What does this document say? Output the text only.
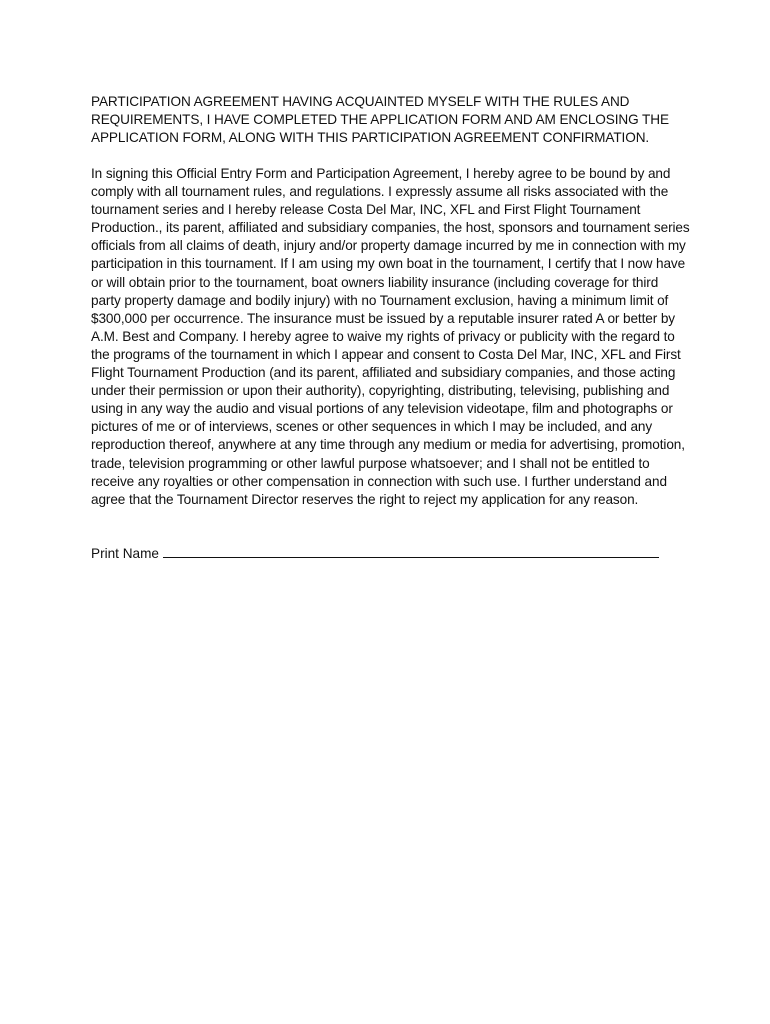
PARTICIPATION AGREEMENT HAVING ACQUAINTED MYSELF WITH THE RULES AND REQUIREMENTS, I HAVE COMPLETED THE APPLICATION FORM AND AM ENCLOSING THE APPLICATION FORM, ALONG WITH THIS PARTICIPATION AGREEMENT CONFIRMATION.

In signing this Official Entry Form and Participation Agreement, I hereby agree to be bound by and comply with all tournament rules, and regulations. I expressly assume all risks associated with the tournament series and I hereby release Costa Del Mar, INC, XFL and First Flight Tournament Production., its parent, affiliated and subsidiary companies, the host, sponsors and tournament series officials from all claims of death, injury and/or property damage incurred by me in connection with my participation in this tournament. If I am using my own boat in the tournament, I certify that I now have or will obtain prior to the tournament, boat owners liability insurance (including coverage for third party property damage and bodily injury) with no Tournament exclusion, having a minimum limit of $300,000 per occurrence. The insurance must be issued by a reputable insurer rated A or better by A.M. Best and Company. I hereby agree to waive my rights of privacy or publicity with the regard to the programs of the tournament in which I appear and consent to Costa Del Mar, INC, XFL and First Flight Tournament Production (and its parent, affiliated and subsidiary companies, and those acting under their permission or upon their authority), copyrighting, distributing, televising, publishing and using in any way the audio and visual portions of any television videotape, film and photographs or pictures of me or of interviews, scenes or other sequences in which I may be included, and any reproduction thereof, anywhere at any time through any medium or media for advertising, promotion, trade, television programming or other lawful purpose whatsoever; and I shall not be entitled to receive any royalties or other compensation in connection with such use. I further understand and agree that the Tournament Director reserves the right to reject my application for any reason.

Print Name
